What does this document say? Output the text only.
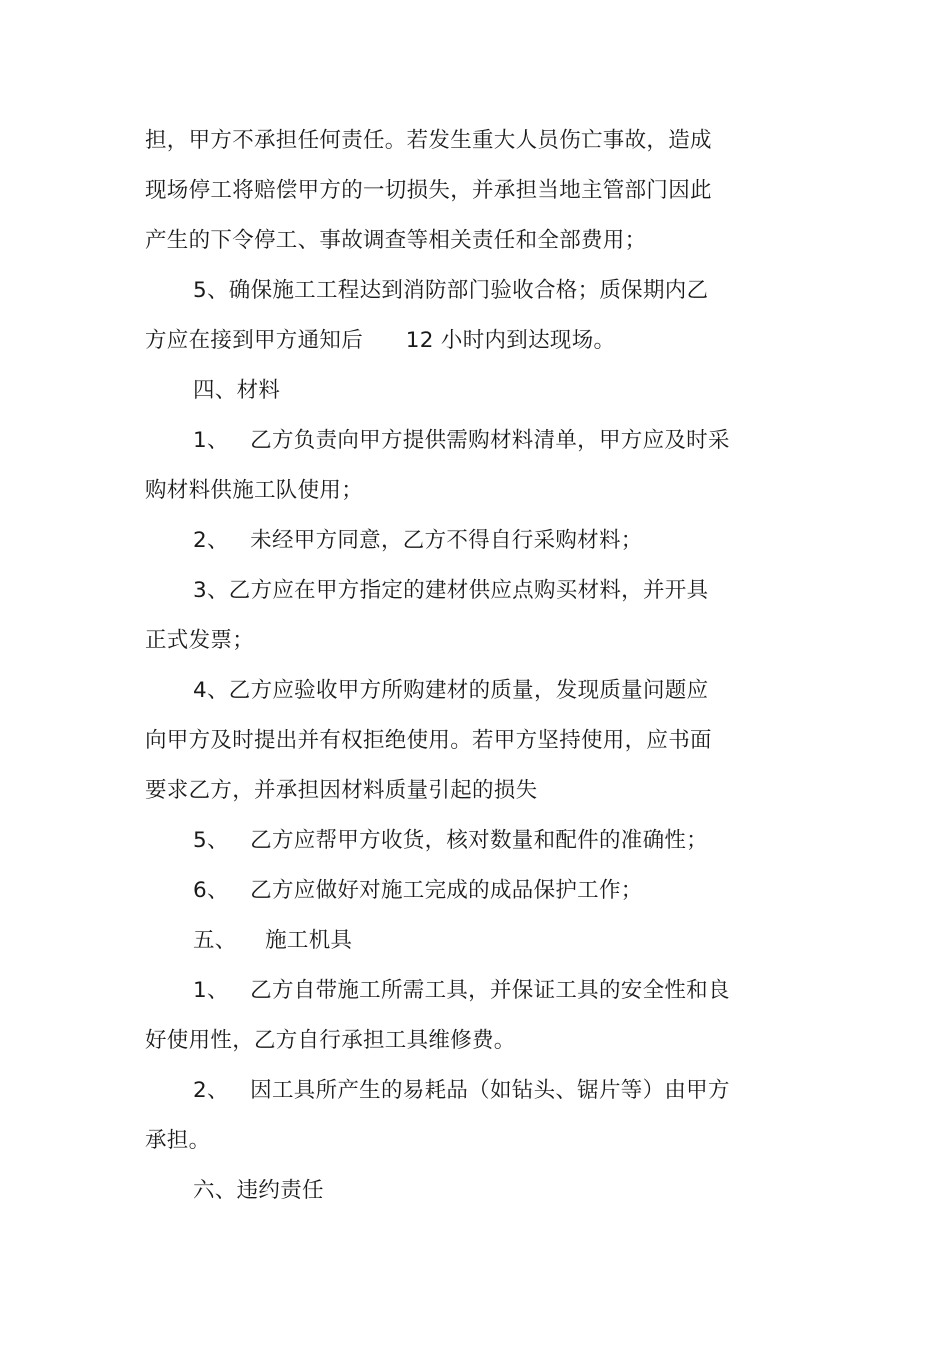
担，甲方不承担任何责任。若发生重大人员伤亡事故，造成
现场停工将赔偿甲方的一切损失，并承担当地主管部门因此
产生的下令停工、事故调查等相关责任和全部费用；
5、确保施工工程达到消防部门验收合格；质保期内乙
方应在接到甲方通知后      12 小时内到达现场。
四、材料
1、   乙方负责向甲方提供需购材料清单，甲方应及时采
购材料供施工队使用；
2、   未经甲方同意，乙方不得自行采购材料；
3、乙方应在甲方指定的建材供应点购买材料，并开具
正式发票；
4、乙方应验收甲方所购建材的质量，发现质量问题应
向甲方及时提出并有权拒绝使用。若甲方坚持使用，应书面
要求乙方，并承担因材料质量引起的损失
5、   乙方应帮甲方收货，核对数量和配件的准确性；
6、   乙方应做好对施工完成的成品保护工作；
五、    施工机具
1、   乙方自带施工所需工具，并保证工具的安全性和良
好使用性，乙方自行承担工具维修费。
2、   因工具所产生的易耗品（如钻头、锯片等）由甲方
承担。
六、违约责任
